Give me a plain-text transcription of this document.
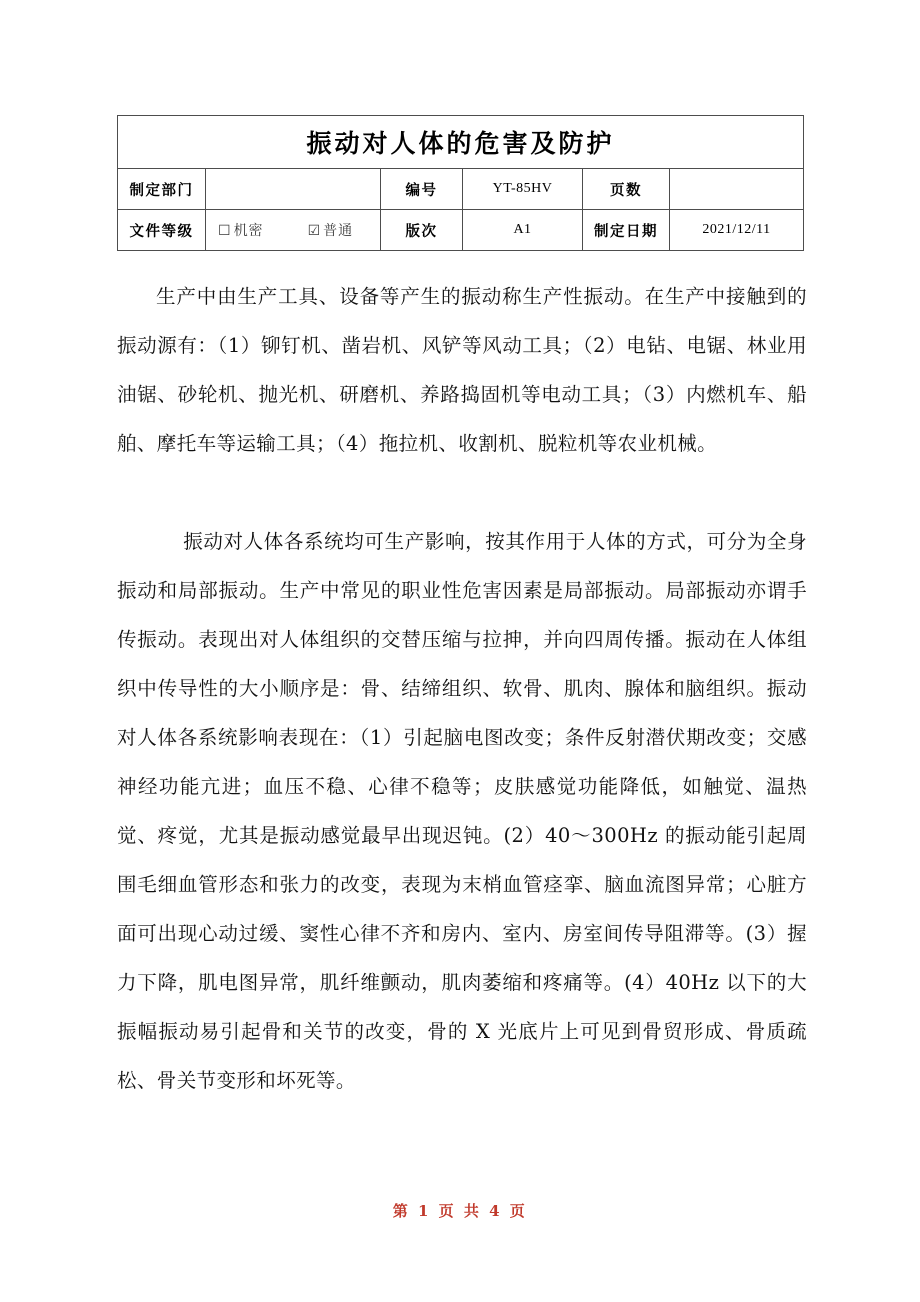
振动对人体的危害及防护					
制定部门		编号	YT-85HV	页数	
文件等级	☐ 机密 ☑ 普通	版次	A1	制定日期	2021/12/11

生产中由生产工具、设备等产生的振动称生产性振动。在生产中接触到的振动源有：（1）铆钉机、凿岩机、风铲等风动工具；（2）电钻、电锯、林业用油锯、砂轮机、抛光机、研磨机、养路捣固机等电动工具；（3）内燃机车、船舶、摩托车等运输工具；（4）拖拉机、收割机、脱粒机等农业机械。

振动对人体各系统均可生产影响，按其作用于人体的方式，可分为全身振动和局部振动。生产中常见的职业性危害因素是局部振动。局部振动亦谓手传振动。表现出对人体组织的交替压缩与拉抻，并向四周传播。振动在人体组织中传导性的大小顺序是：骨、结缔组织、软骨、肌肉、腺体和脑组织。振动对人体各系统影响表现在：（1）引起脑电图改变；条件反射潜伏期改变；交感神经功能亢进；血压不稳、心律不稳等；皮肤感觉功能降低，如触觉、温热觉、疼觉，尤其是振动感觉最早出现迟钝。(2）40～300Hz 的振动能引起周围毛细血管形态和张力的改变，表现为末梢血管痉挛、脑血流图异常；心脏方面可出现心动过缓、窦性心律不齐和房内、室内、房室间传导阻滞等。(3）握力下降，肌电图异常，肌纤维颤动，肌肉萎缩和疼痛等。(4）40Hz 以下的大振幅振动易引起骨和关节的改变，骨的 X 光底片上可见到骨贸形成、骨质疏松、骨关节变形和坏死等。

第 1 页 共 4 页
